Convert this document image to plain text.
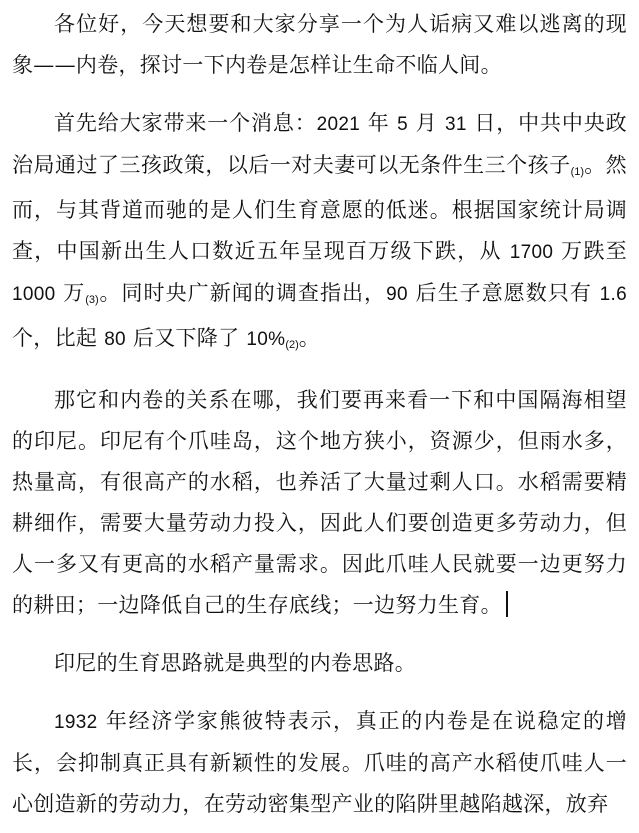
各位好，今天想要和大家分享一个为人诟病又难以逃离的现象——内卷，探讨一下内卷是怎样让生命不临人间。

首先给大家带来一个消息：2021 年 5 月 31 日，中共中央政治局通过了三孩政策，以后一对夫妻可以无条件生三个孩子(1)。然而，与其背道而驰的是人们生育意愿的低迷。根据国家统计局调查，中国新出生人口数近五年呈现百万级下跌，从 1700 万跌至 1000 万(3)。同时央广新闻的调查指出，90 后生子意愿数只有 1.6 个，比起 80 后又下降了 10%(2)。

那它和内卷的关系在哪，我们要再来看一下和中国隔海相望的印尼。印尼有个爪哇岛，这个地方狭小，资源少，但雨水多，热量高，有很高产的水稻，也养活了大量过剩人口。水稻需要精耕细作，需要大量劳动力投入，因此人们要创造更多劳动力，但人一多又有更高的水稻产量需求。因此爪哇人民就要一边更努力的耕田；一边降低自己的生存底线；一边努力生育。

印尼的生育思路就是典型的内卷思路。

1932 年经济学家熊彼特表示，真正的内卷是在说稳定的增长，会抑制真正具有新颖性的发展。爪哇的高产水稻使爪哇人一心创造新的劳动力，在劳动密集型产业的陷阱里越陷越深，放弃
